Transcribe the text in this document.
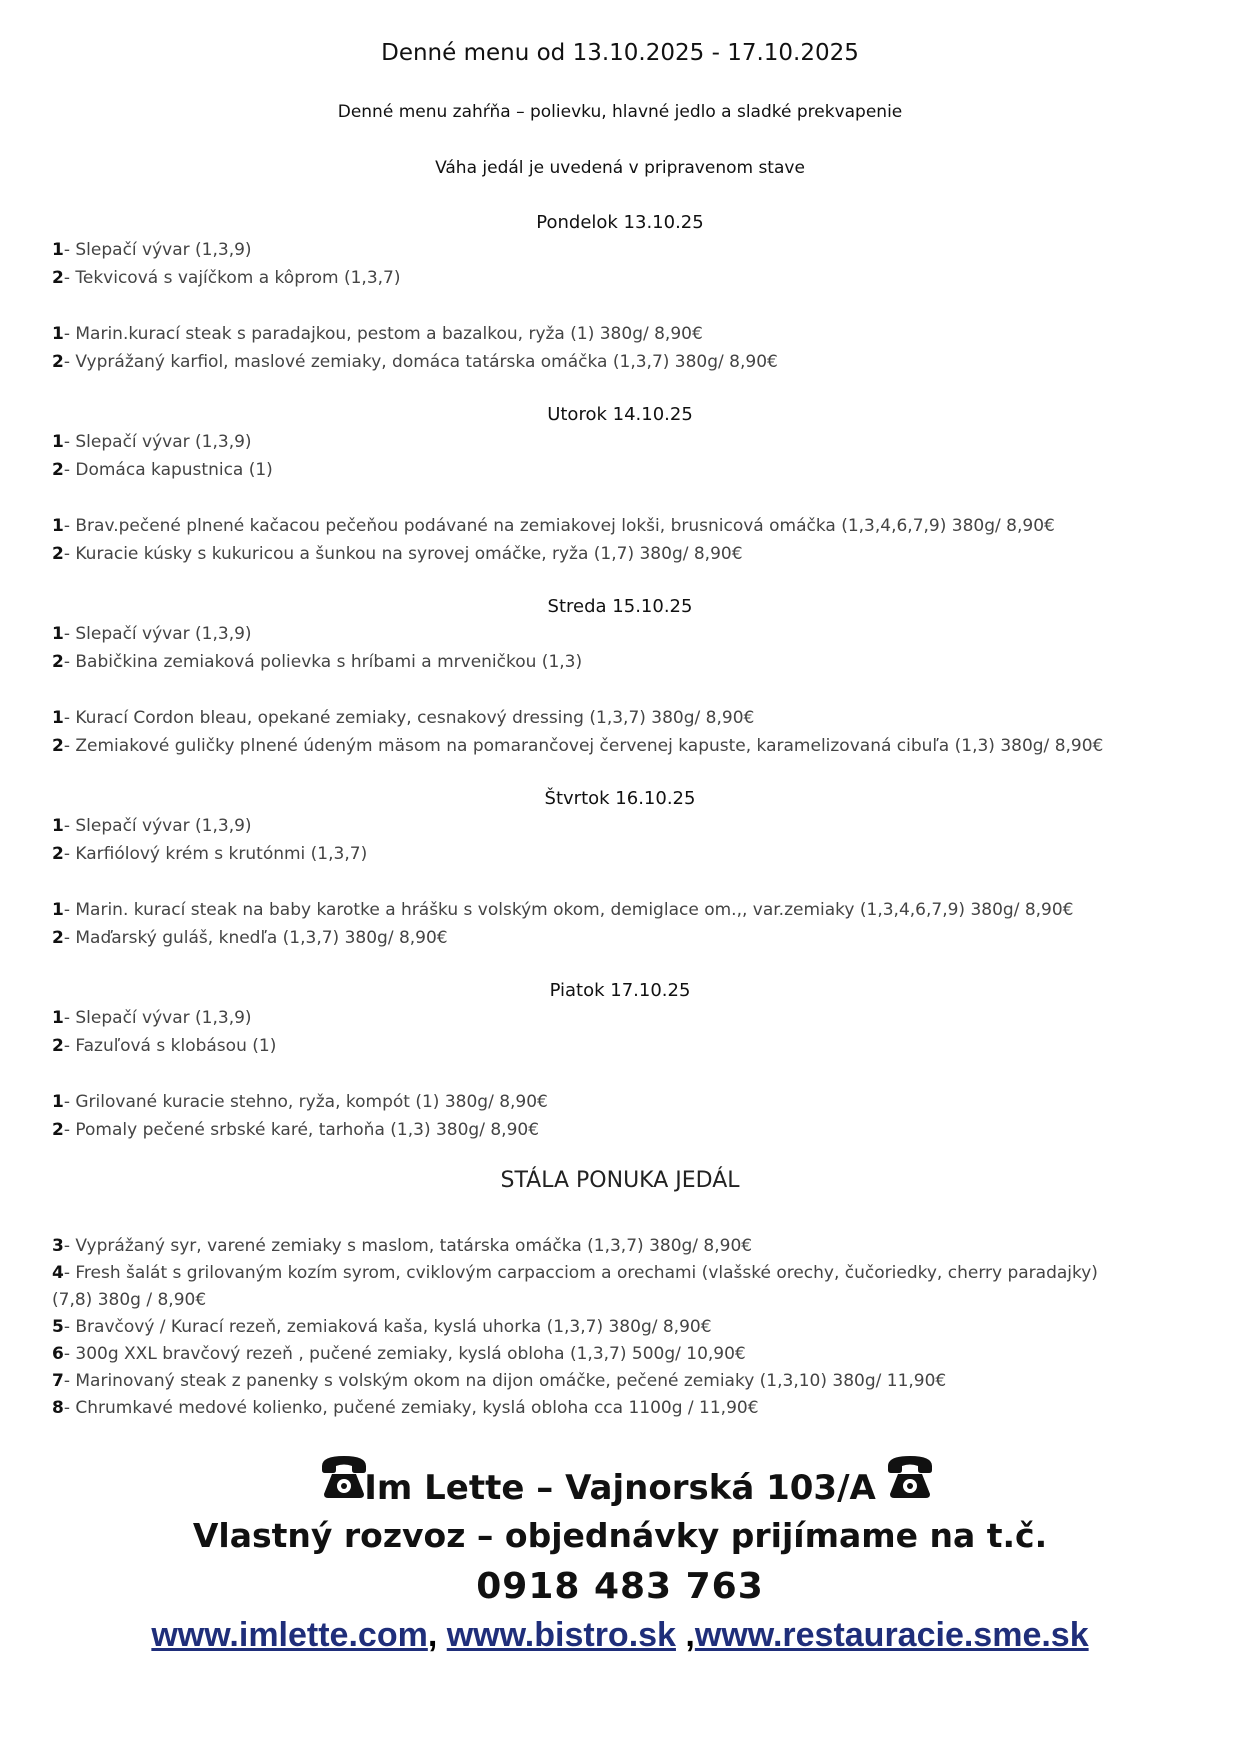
Denné menu od 13.10.2025 - 17.10.2025
Denné menu zahŕňa – polievku, hlavné jedlo a sladké prekvapenie
Váha jedál je uvedená v pripravenom stave
Pondelok 13.10.25
1- Slepačí vývar (1,3,9)
2- Tekvicová s vajíčkom a kôprom (1,3,7)
1- Marin.kurací steak s paradajkou, pestom a bazalkou, ryža (1) 380g/ 8,90€
2- Vyprážaný karfiol, maslové zemiaky, domáca tatárska omáčka (1,3,7) 380g/ 8,90€
Utorok 14.10.25
1- Slepačí vývar (1,3,9)
2- Domáca kapustnica (1)
1- Brav.pečené plnené kačacou pečeňou podávané na zemiakovej lokši, brusnicová omáčka (1,3,4,6,7,9) 380g/ 8,90€
2- Kuracie kúsky s kukuricou a šunkou na syrovej omáčke, ryža (1,7) 380g/ 8,90€
Streda 15.10.25
1- Slepačí vývar (1,3,9)
2- Babičkina zemiaková polievka s hríbami a mrveničkou (1,3)
1- Kurací Cordon bleau, opekané zemiaky, cesnakový dressing (1,3,7) 380g/ 8,90€
2- Zemiakové guličky plnené údeným mäsom na pomarančovej červenej kapuste, karamelizovaná cibuľa (1,3) 380g/ 8,90€
Štvrtok 16.10.25
1- Slepačí vývar (1,3,9)
2- Karfiólový krém s krutónmi (1,3,7)
1- Marin. kurací steak na baby karotke a hrášku s volským okom, demiglace om.,, var.zemiaky (1,3,4,6,7,9) 380g/ 8,90€
2- Maďarský guláš, knedľa (1,3,7) 380g/ 8,90€
Piatok 17.10.25
1- Slepačí vývar (1,3,9)
2- Fazuľová s klobásou (1)
1- Grilované kuracie stehno, ryža, kompót (1) 380g/ 8,90€
2- Pomaly pečené srbské karé, tarhoňa (1,3) 380g/ 8,90€
STÁLA PONUKA JEDÁL
3- Vyprážaný syr, varené zemiaky s maslom, tatárska omáčka (1,3,7) 380g/ 8,90€
4- Fresh šalát s grilovaným kozím syrom, cviklovým carpacciom a orechami (vlašské orechy, čučoriedky, cherry paradajky)
(7,8) 380g / 8,90€
5- Bravčový / Kurací rezeň, zemiaková kaša, kyslá uhorka (1,3,7) 380g/ 8,90€
6- 300g XXL bravčový rezeň , pučené zemiaky, kyslá obloha (1,3,7) 500g/ 10,90€
7- Marinovaný steak z panenky s volským okom na dijon omáčke, pečené zemiaky (1,3,10) 380g/ 11,90€
8- Chrumkavé medové kolienko, pučené zemiaky, kyslá obloha cca 1100g / 11,90€
Im Lette – Vajnorská 103/A
Vlastný rozvoz – objednávky prijímame na t.č.
0918 483 763
www.imlette.com, www.bistro.sk ,www.restauracie.sme.sk
